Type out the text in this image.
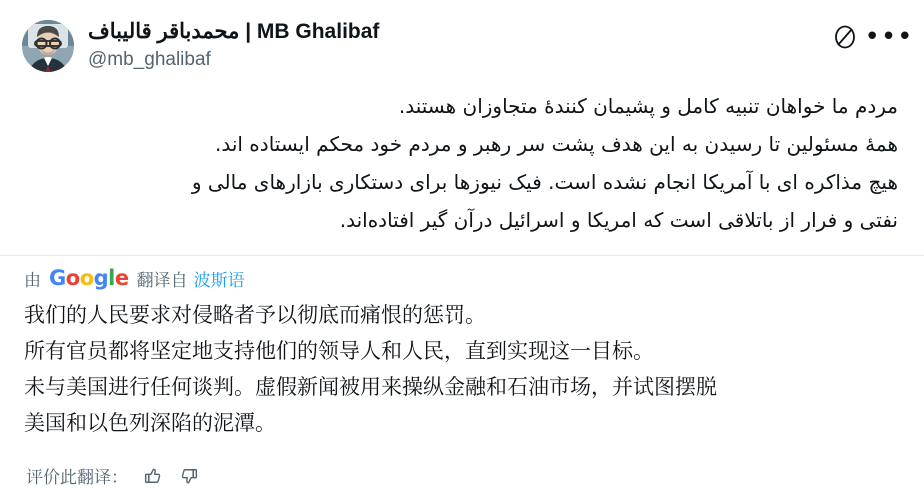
محمدباقر قالیباف | MB Ghalibaf
@mb_ghalibaf
•••

مردم ما خواهان تنبیه کامل و پشیمان کنندهٔ متجاوزان هستند.

همهٔ مسئولین تا رسیدن به این هدف پشت سر رهبر و مردم خود محکم ایستاده اند.

هیچ مذاکره ای با آمریکا انجام نشده است. فیک نیوزها برای دستکاری بازارهای مالی و

نفتی و فرار از باتلاقی است که امریکا و اسرائیل درآن گیر افتاده‌اند.

由 Google 翻译自 波斯语

我们的人民要求对侵略者予以彻底而痛恨的惩罚。

所有官员都将坚定地支持他们的领导人和人民，直到实现这一目标。

未与美国进行任何谈判。虚假新闻被用来操纵金融和石油市场，并试图摆脱

美国和以色列深陷的泥潭。

评价此翻译：
